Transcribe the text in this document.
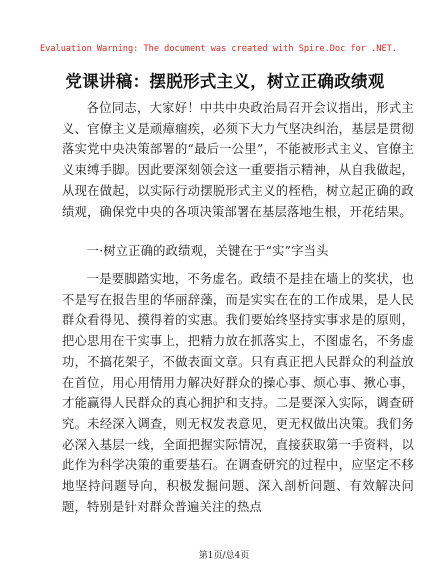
Evaluation Warning: The document was created with Spire.Doc for .NET.
党课讲稿：摆脱形式主义，树立正确政绩观

各位同志，大家好！中共中央政治局召开会议指出，形式主义、官僚主义是顽瘴痼疾，必须下大力气坚决纠治，基层是贯彻落实党中央决策部署的“最后一公里”，不能被形式主义、官僚主义束缚手脚。因此要深刻领会这一重要指示精神，从自我做起，从现在做起，以实际行动摆脱形式主义的桎梏，树立起正确的政绩观，确保党中央的各项决策部署在基层落地生根，开花结果。

一·树立正确的政绩观，关键在于“实”字当头

一是要脚踏实地，不务虚名。政绩不是挂在墙上的奖状，也不是写在报告里的华丽辞藻，而是实实在在的工作成果，是人民群众看得见、摸得着的实惠。我们要始终坚持实事求是的原则，把心思用在干实事上，把精力放在抓落实上，不图虚名，不务虚功，不搞花架子，不做表面文章。只有真正把人民群众的利益放在首位，用心用情用力解决好群众的操心事、烦心事、揪心事，才能赢得人民群众的真心拥护和支持。二是要深入实际，调查研究。未经深入调查，则无权发表意见，更无权做出决策。我们务必深入基层一线，全面把握实际情况，直接获取第一手资料，以此作为科学决策的重要基石。在调查研究的过程中，应坚定不移地坚持问题导向，积极发掘问题、深入剖析问题、有效解决问题，特别是针对群众普遍关注的热点

第1页/总4页
